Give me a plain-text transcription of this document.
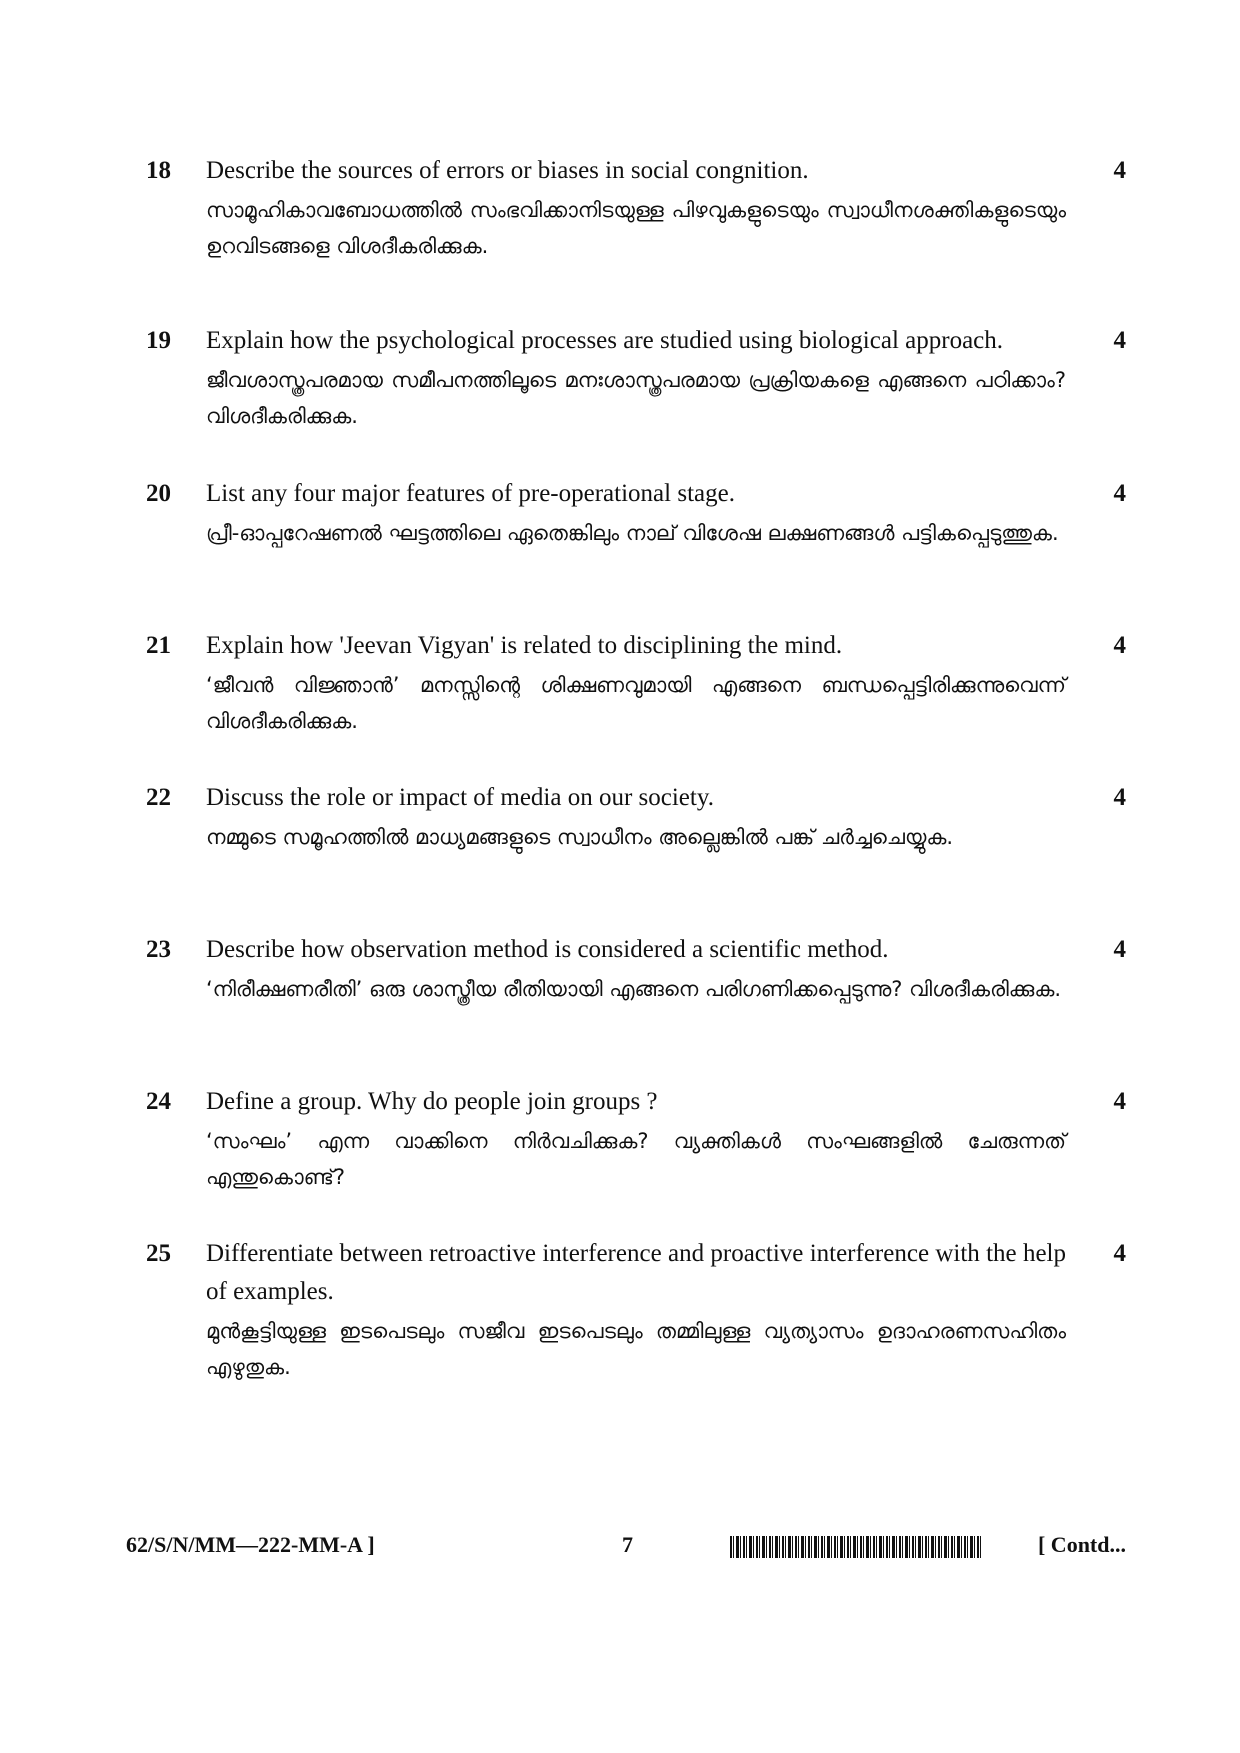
18 Describe the sources of errors or biases in social congnition.

സാമൂഹികാവബോധത്തിൽ സംഭവിക്കാനിടയുള്ള പിഴവുകളുടെയും സ്വാധീനശക്തികളുടെയും ഉറവിടങ്ങളെ വിശദീകരിക്കുക.

4
19 Explain how the psychological processes are studied using biological approach.

ജീവശാസ്ത്രപരമായ സമീപനത്തിലൂടെ മനഃശാസ്ത്രപരമായ പ്രക്രിയകളെ എങ്ങനെ പഠിക്കാം? വിശദീകരിക്കുക.

4
20 List any four major features of pre-operational stage.

പ്രീ-ഓപ്പറേഷണൽ ഘട്ടത്തിലെ ഏതെങ്കിലും നാല് വിശേഷ ലക്ഷണങ്ങൾ പട്ടികപ്പെടുത്തുക.

4
21 Explain how 'Jeevan Vigyan' is related to disciplining the mind.

‘ജീവൻ വിജ്ഞാൻ’ മനസ്സിന്റെ ശിക്ഷണവുമായി എങ്ങനെ ബന്ധപ്പെട്ടിരിക്കുന്നുവെന്ന് വിശദീകരിക്കുക.

4
22 Discuss the role or impact of media on our society.

നമ്മുടെ സമൂഹത്തിൽ മാധ്യമങ്ങളുടെ സ്വാധീനം അല്ലെങ്കിൽ പങ്ക് ചർച്ചചെയ്യുക.

4
23 Describe how observation method is considered a scientific method.

‘നിരീക്ഷണരീതി’ ഒരു ശാസ്ത്രീയ രീതിയായി എങ്ങനെ പരിഗണിക്കപ്പെടുന്നു? വിശദീകരിക്കുക.

4
24 Define a group. Why do people join groups ?

‘സംഘം’ എന്ന വാക്കിനെ നിർവചിക്കുക? വ്യക്തികൾ സംഘങ്ങളിൽ ചേരുന്നത് എന്തുകൊണ്ട്?

4
25 Differentiate between retroactive interference and proactive interference with the help of examples.

മുൻകൂട്ടിയുള്ള ഇടപെടലും സജീവ ഇടപെടലും തമ്മിലുള്ള വ്യത്യാസം ഉദാഹരണസഹിതം എഴുതുക.

4
62/S/N/MM—222-MM-A ]	7	[ Contd...
